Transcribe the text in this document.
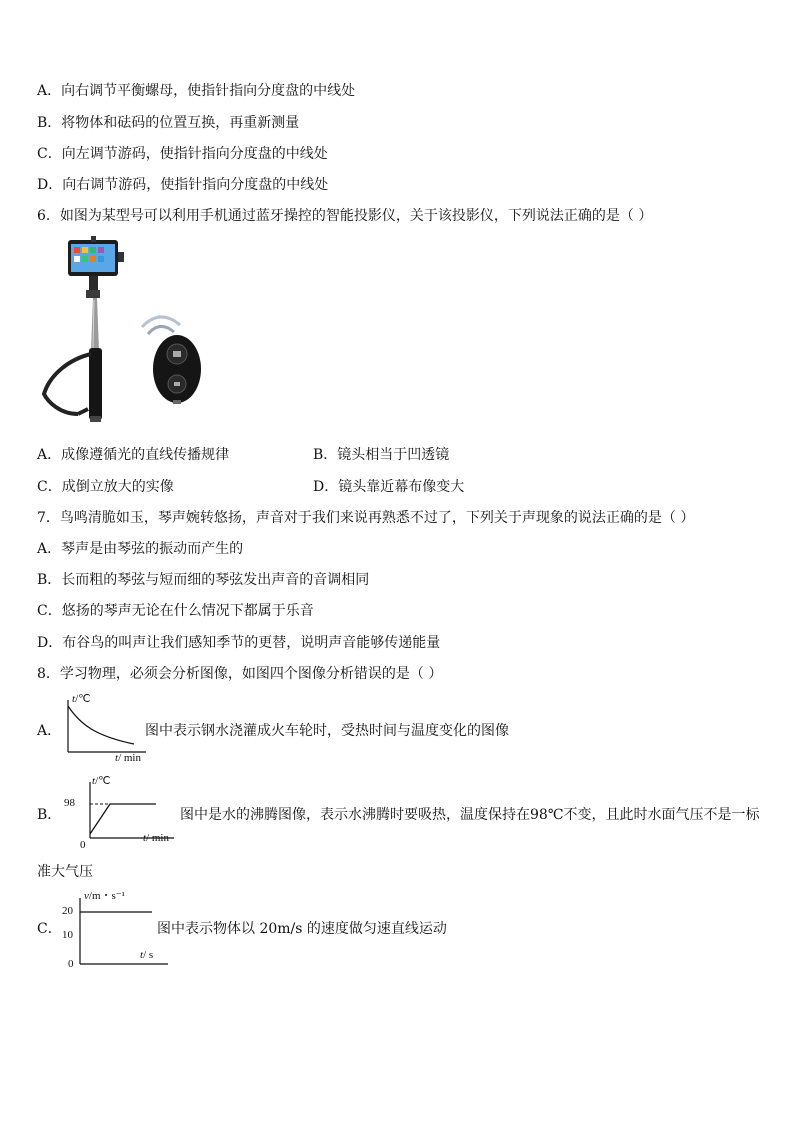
A．向右调节平衡螺母，使指针指向分度盘的中线处
B．将物体和砝码的位置互换，再重新测量
C．向左调节游码，使指针指向分度盘的中线处
D．向右调节游码，使指针指向分度盘的中线处
6．如图为某型号可以利用手机通过蓝牙操控的智能投影仪，关于该投影仪，下列说法正确的是（ ）
A．成像遵循光的直线传播规律	B．镜头相当于凹透镜
C．成倒立放大的实像	D．镜头靠近幕布像变大
7．鸟鸣清脆如玉，琴声婉转悠扬，声音对于我们来说再熟悉不过了，下列关于声现象的说法正确的是（ ）
A．琴声是由琴弦的振动而产生的
B．长而粗的琴弦与短而细的琴弦发出声音的音调相同
C．悠扬的琴声无论在什么情况下都属于乐音
D．布谷鸟的叫声让我们感知季节的更替，说明声音能够传递能量
8．学习物理，必须会分析图像，如图四个图像分析错误的是（ ）
A．
t/℃
t/ min
图中表示钢水浇灌成火车轮时，受热时间与温度变化的图像
B．
t/℃
98
0
t/ min
图中是水的沸腾图像，表示水沸腾时要吸热，温度保持在98℃不变，且此时水面气压不是一标
准大气压
C．
v/m・s⁻¹
20
10
0
t/ s
图中表示物体以 20m/s 的速度做匀速直线运动
